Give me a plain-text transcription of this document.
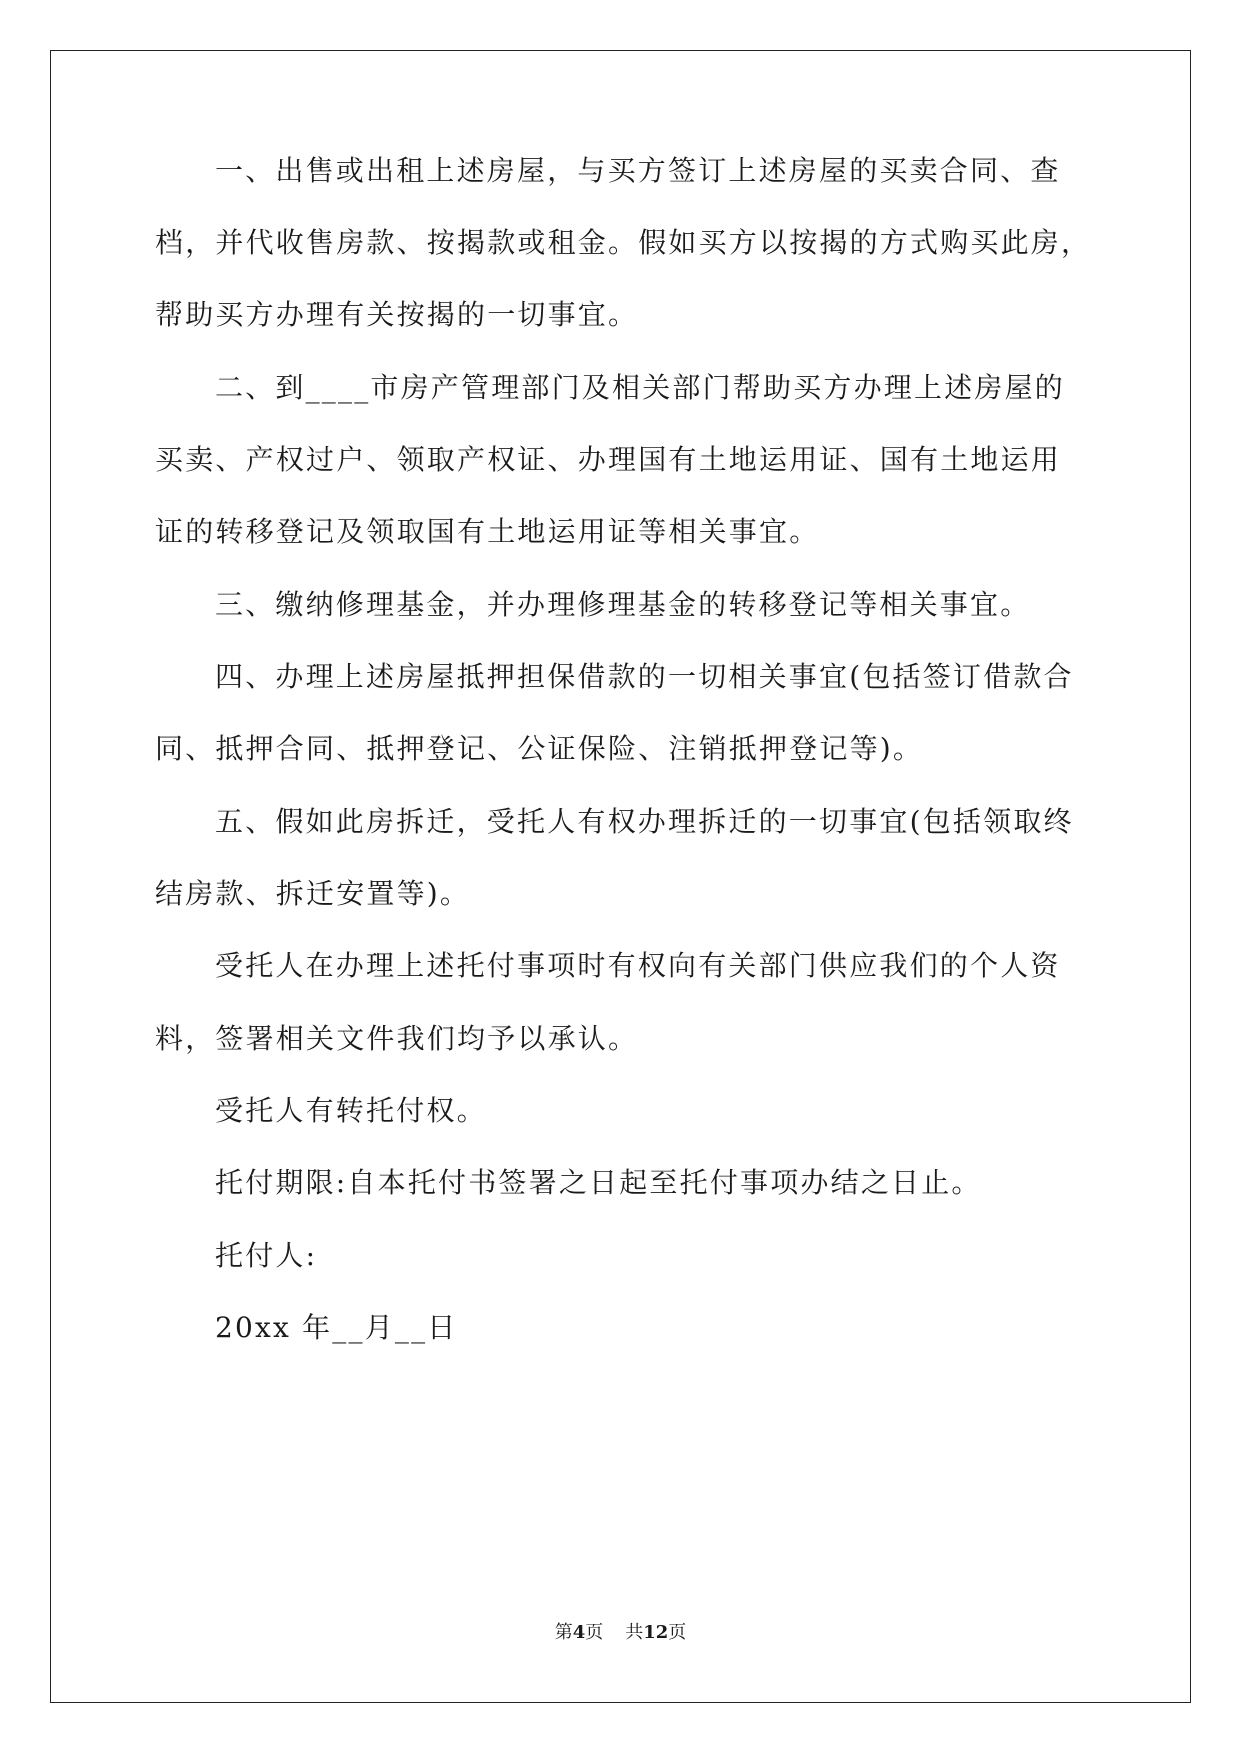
一、出售或出租上述房屋，与买方签订上述房屋的买卖合同、查
档，并代收售房款、按揭款或租金。假如买方以按揭的方式购买此房，
帮助买方办理有关按揭的一切事宜。
二、到____市房产管理部门及相关部门帮助买方办理上述房屋的
买卖、产权过户、领取产权证、办理国有土地运用证、国有土地运用
证的转移登记及领取国有土地运用证等相关事宜。
三、缴纳修理基金，并办理修理基金的转移登记等相关事宜。
四、办理上述房屋抵押担保借款的一切相关事宜(包括签订借款合
同、抵押合同、抵押登记、公证保险、注销抵押登记等)。
五、假如此房拆迁，受托人有权办理拆迁的一切事宜(包括领取终
结房款、拆迁安置等)。
受托人在办理上述托付事项时有权向有关部门供应我们的个人资
料，签署相关文件我们均予以承认。
受托人有转托付权。
托付期限:自本托付书签署之日起至托付事项办结之日止。
托付人:
20xx 年__月__日
第4页 共12页
